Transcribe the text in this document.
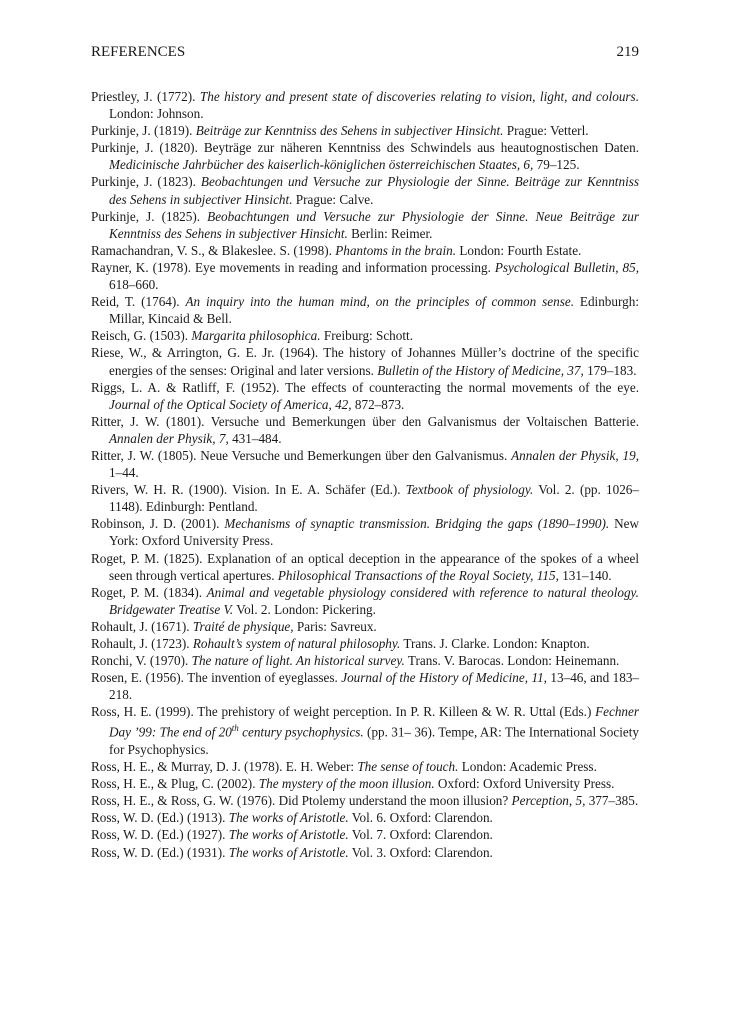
REFERENCES	219
Priestley, J. (1772). The history and present state of discoveries relating to vision, light, and colours. London: Johnson.
Purkinje, J. (1819). Beiträge zur Kenntniss des Sehens in subjectiver Hinsicht. Prague: Vetterl.
Purkinje, J. (1820). Beyträge zur näheren Kenntniss des Schwindels aus heautognostischen Daten. Medicinische Jahrbücher des kaiserlich-königlichen österreichischen Staates, 6, 79–125.
Purkinje, J. (1823). Beobachtungen und Versuche zur Physiologie der Sinne. Beiträge zur Kenntniss des Sehens in subjectiver Hinsicht. Prague: Calve.
Purkinje, J. (1825). Beobachtungen und Versuche zur Physiologie der Sinne. Neue Beiträge zur Kenntniss des Sehens in subjectiver Hinsicht. Berlin: Reimer.
Ramachandran, V. S., & Blakeslee. S. (1998). Phantoms in the brain. London: Fourth Estate.
Rayner, K. (1978). Eye movements in reading and information processing. Psychological Bulletin, 85, 618–660.
Reid, T. (1764). An inquiry into the human mind, on the principles of common sense. Edinburgh: Millar, Kincaid & Bell.
Reisch, G. (1503). Margarita philosophica. Freiburg: Schott.
Riese, W., & Arrington, G. E. Jr. (1964). The history of Johannes Müller’s doctrine of the specific energies of the senses: Original and later versions. Bulletin of the History of Medicine, 37, 179–183.
Riggs, L. A. & Ratliff, F. (1952). The effects of counteracting the normal movements of the eye. Journal of the Optical Society of America, 42, 872–873.
Ritter, J. W. (1801). Versuche und Bemerkungen über den Galvanismus der Voltaischen Batterie. Annalen der Physik, 7, 431–484.
Ritter, J. W. (1805). Neue Versuche und Bemerkungen über den Galvanismus. Annalen der Physik, 19, 1–44.
Rivers, W. H. R. (1900). Vision. In E. A. Schäfer (Ed.). Textbook of physiology. Vol. 2. (pp. 1026–1148). Edinburgh: Pentland.
Robinson, J. D. (2001). Mechanisms of synaptic transmission. Bridging the gaps (1890–1990). New York: Oxford University Press.
Roget, P. M. (1825). Explanation of an optical deception in the appearance of the spokes of a wheel seen through vertical apertures. Philosophical Transactions of the Royal Society, 115, 131–140.
Roget, P. M. (1834). Animal and vegetable physiology considered with reference to natural theology. Bridgewater Treatise V. Vol. 2. London: Pickering.
Rohault, J. (1671). Traité de physique, Paris: Savreux.
Rohault, J. (1723). Rohault’s system of natural philosophy. Trans. J. Clarke. London: Knapton.
Ronchi, V. (1970). The nature of light. An historical survey. Trans. V. Barocas. London: Heinemann.
Rosen, E. (1956). The invention of eyeglasses. Journal of the History of Medicine, 11, 13–46, and 183–218.
Ross, H. E. (1999). The prehistory of weight perception. In P. R. Killeen & W. R. Uttal (Eds.) Fechner Day ’99: The end of 20th century psychophysics. (pp. 31– 36). Tempe, AR: The International Society for Psychophysics.
Ross, H. E., & Murray, D. J. (1978). E. H. Weber: The sense of touch. London: Academic Press.
Ross, H. E., & Plug, C. (2002). The mystery of the moon illusion. Oxford: Oxford University Press.
Ross, H. E., & Ross, G. W. (1976). Did Ptolemy understand the moon illusion? Perception, 5, 377–385.
Ross, W. D. (Ed.) (1913). The works of Aristotle. Vol. 6. Oxford: Clarendon.
Ross, W. D. (Ed.) (1927). The works of Aristotle. Vol. 7. Oxford: Clarendon.
Ross, W. D. (Ed.) (1931). The works of Aristotle. Vol. 3. Oxford: Clarendon.
